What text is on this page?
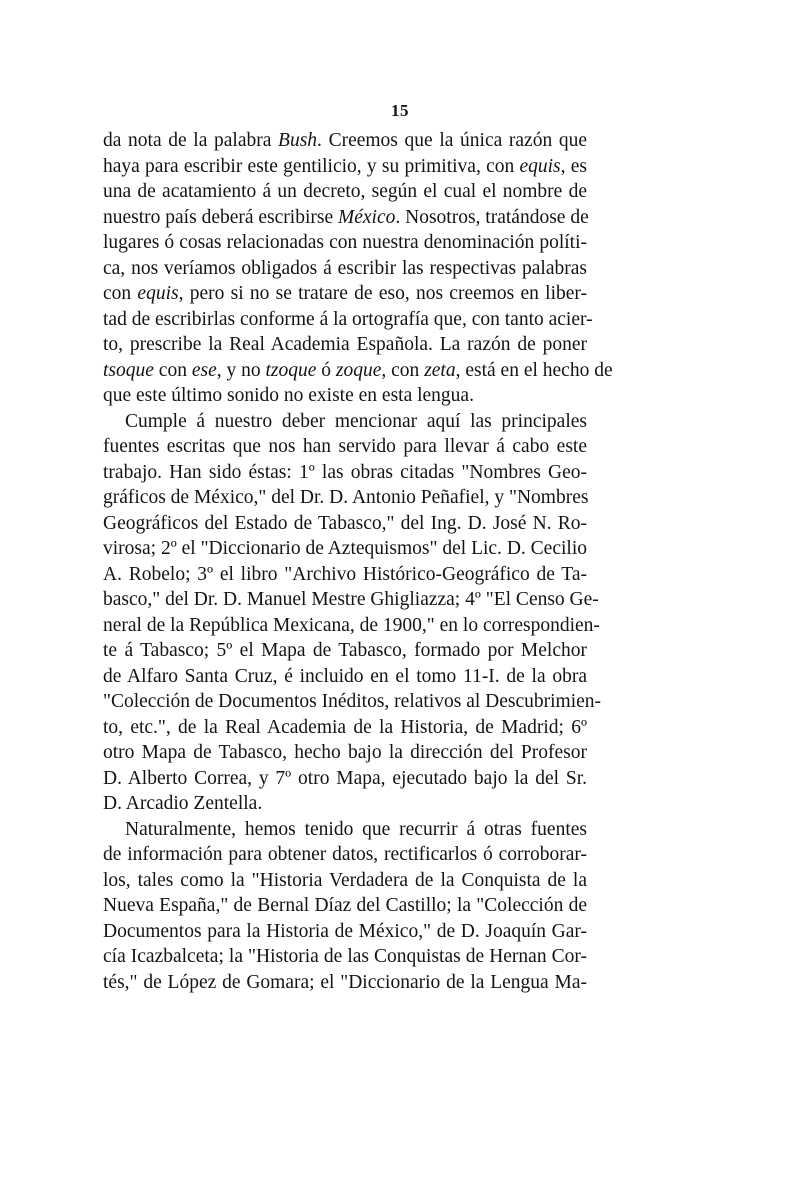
15
da nota de la palabra Bush. Creemos que la única razón que
haya para escribir este gentilicio, y su primitiva, con equis, es
una de acatamiento á un decreto, según el cual el nombre de
nuestro país deberá escribirse México. Nosotros, tratándose de
lugares ó cosas relacionadas con nuestra denominación políti-
ca, nos veríamos obligados á escribir las respectivas palabras
con equis, pero si no se tratare de eso, nos creemos en liber-
tad de escribirlas conforme á la ortografía que, con tanto acier-
to, prescribe la Real Academia Española. La razón de poner
tsoque con ese, y no tzoque ó zoque, con zeta, está en el hecho de
que este último sonido no existe en esta lengua.
Cumple á nuestro deber mencionar aquí las principales
fuentes escritas que nos han servido para llevar á cabo este
trabajo. Han sido éstas: 1º las obras citadas "Nombres Geo-
gráficos de México," del Dr. D. Antonio Peñafiel, y "Nombres
Geográficos del Estado de Tabasco," del Ing. D. José N. Ro-
virosa; 2º el "Diccionario de Aztequismos" del Lic. D. Cecilio
A. Robelo; 3º el libro "Archivo Histórico-Geográfico de Ta-
basco," del Dr. D. Manuel Mestre Ghigliazza; 4º "El Censo Ge-
neral de la República Mexicana, de 1900," en lo correspondien-
te á Tabasco; 5º el Mapa de Tabasco, formado por Melchor
de Alfaro Santa Cruz, é incluido en el tomo 11-I. de la obra
"Colección de Documentos Inéditos, relativos al Descubrimien-
to, etc.", de la Real Academia de la Historia, de Madrid; 6º
otro Mapa de Tabasco, hecho bajo la dirección del Profesor
D. Alberto Correa, y 7º otro Mapa, ejecutado bajo la del Sr.
D. Arcadio Zentella.
Naturalmente, hemos tenido que recurrir á otras fuentes
de información para obtener datos, rectificarlos ó corroborar-
los, tales como la "Historia Verdadera de la Conquista de la
Nueva España," de Bernal Díaz del Castillo; la "Colección de
Documentos para la Historia de México," de D. Joaquín Gar-
cía Icazbalceta; la "Historia de las Conquistas de Hernan Cor-
tés," de López de Gomara; el "Diccionario de la Lengua Ma-
